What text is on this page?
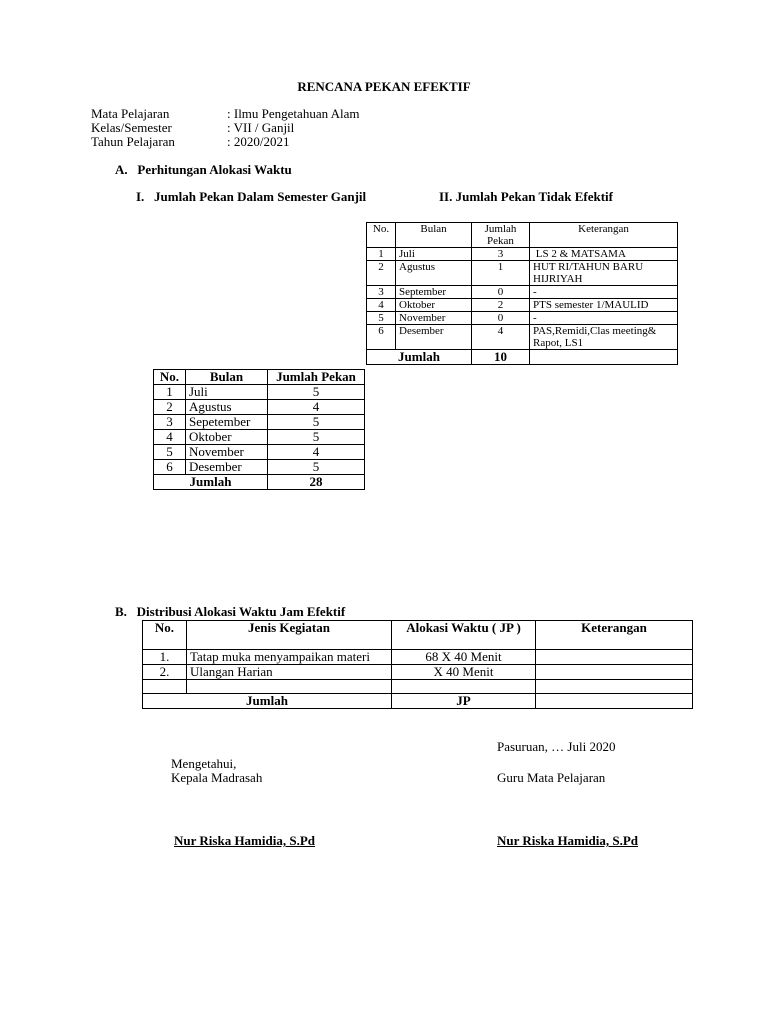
RENCANA PEKAN EFEKTIF
Mata Pelajaran	: Ilmu Pengetahuan Alam
Kelas/Semester	: VII / Ganjil
Tahun Pelajaran	: 2020/2021
A.   Perhitungan Alokasi Waktu
I.   Jumlah Pekan Dalam Semester Ganjil	II. Jumlah Pekan Tidak Efektif
No.	Bulan	Jumlah Pekan	Keterangan
1	Juli	3	LS 2 & MATSAMA
2	Agustus	1	HUT RI/TAHUN BARU HIJRIYAH
3	September	0	-
4	Oktober	2	PTS semester 1/MAULID
5	November	0	-
6	Desember	4	PAS,Remidi,Clas meeting& Rapot, LS1
Jumlah		10	
No.	Bulan	Jumlah Pekan
1	Juli	5
2	Agustus	4
3	Sepetember	5
4	Oktober	5
5	November	4
6	Desember	5
Jumlah		28
B.   Distribusi Alokasi Waktu Jam Efektif
No.	Jenis Kegiatan	Alokasi Waktu ( JP )	Keterangan
1.	Tatap muka menyampaikan materi	68 X 40 Menit	
2.	Ulangan Harian	X 40 Menit	

Jumlah		JP	
Pasuruan, … Juli 2020
Mengetahui,
Kepala Madrasah	Guru Mata Pelajaran
Nur Riska Hamidia, S.Pd	Nur Riska Hamidia, S.Pd
